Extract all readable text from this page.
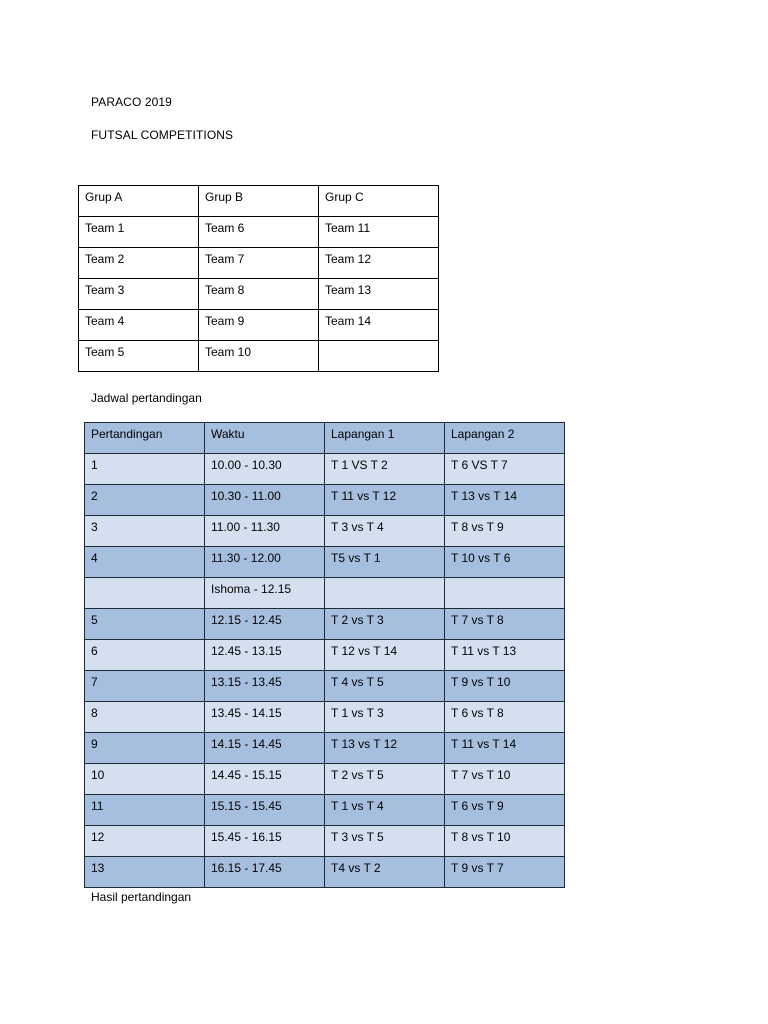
PARACO 2019
FUTSAL COMPETITIONS
Grup A	Grup B	Grup C
Team 1	Team 6	Team 11
Team 2	Team 7	Team 12
Team 3	Team 8	Team 13
Team 4	Team 9	Team 14
Team 5	Team 10	
Jadwal pertandingan
Pertandingan	Waktu	Lapangan 1	Lapangan 2
1	10.00 - 10.30	T 1 VS T 2	T 6 VS T 7
2	10.30 - 11.00	T 11 vs T 12	T 13 vs T 14
3	11.00 - 11.30	T 3 vs T 4	T 8 vs T 9
4	11.30 - 12.00	T5 vs T 1	T 10 vs T 6
	Ishoma - 12.15		
5	12.15 - 12.45	T 2 vs T 3	T 7 vs T 8
6	12.45 - 13.15	T 12 vs T 14	T 11 vs T 13
7	13.15 - 13.45	T 4 vs T 5	T 9 vs T 10
8	13.45 - 14.15	T 1 vs T 3	T 6 vs T 8
9	14.15 - 14.45	T 13 vs T 12	T 11 vs T 14
10	14.45 - 15.15	T 2 vs T 5	T 7 vs T 10
11	15.15 - 15.45	T 1 vs T 4	T 6 vs T 9
12	15.45 - 16.15	T 3 vs T 5	T 8 vs T 10
13	16.15 - 17.45	T4 vs T 2	T 9 vs T 7
Hasil pertandingan
